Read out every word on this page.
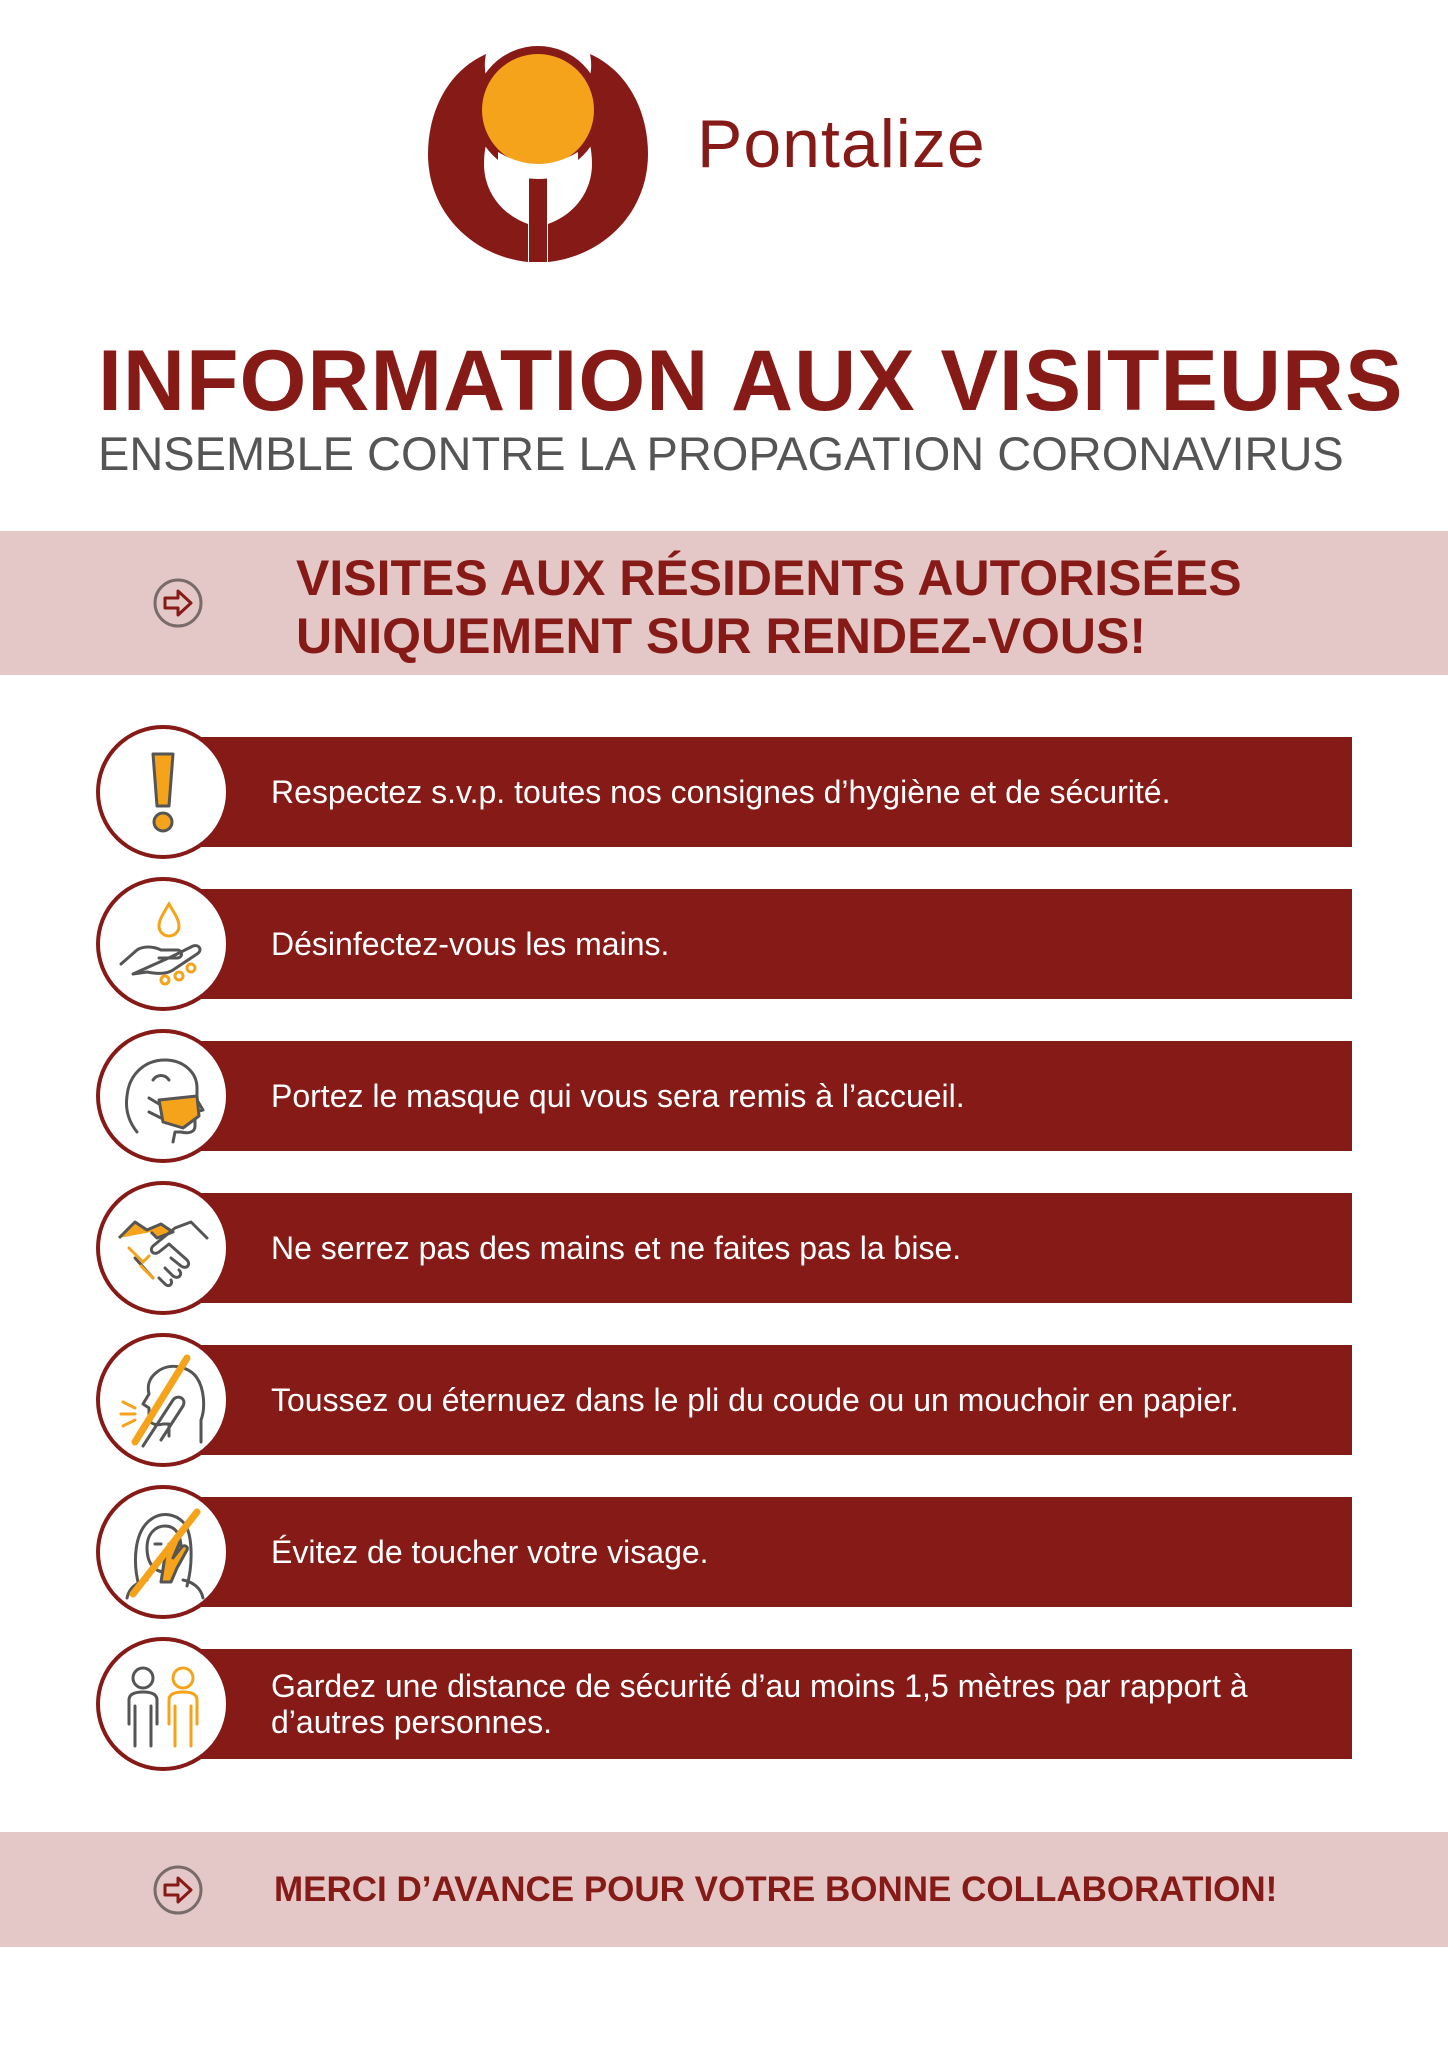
Pontalize
INFORMATION AUX VISITEURS
ENSEMBLE CONTRE LA PROPAGATION CORONAVIRUS
VISITES AUX RÉSIDENTS AUTORISÉES
UNIQUEMENT SUR RENDEZ-VOUS!
Respectez s.v.p. toutes nos consignes d’hygiène et de sécurité.
Désinfectez-vous les mains.
Portez le masque qui vous sera remis à l’accueil.
Ne serrez pas des mains et ne faites pas la bise.
Toussez ou éternuez dans le pli du coude ou un mouchoir en papier.
Évitez de toucher votre visage.
Gardez une distance de sécurité d’au moins 1,5 mètres par rapport à d’autres personnes.
MERCI D’AVANCE POUR VOTRE BONNE COLLABORATION!
